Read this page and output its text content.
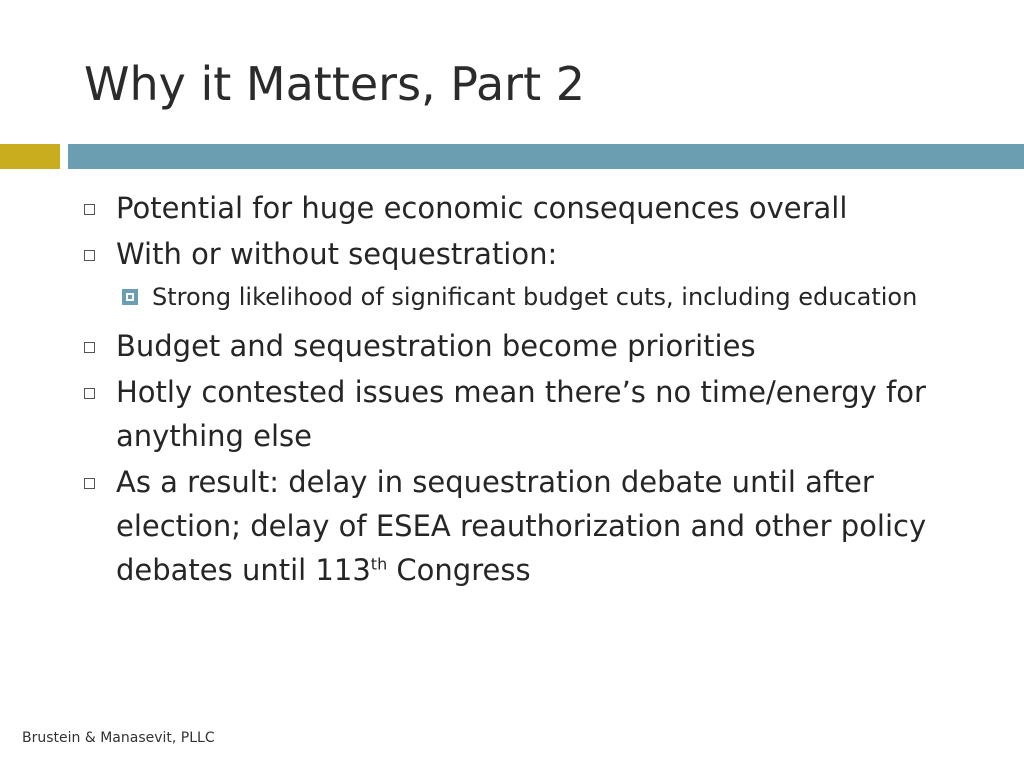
Why it Matters, Part 2
Potential for huge economic consequences overall
With or without sequestration:
Strong likelihood of significant budget cuts, including education
Budget and sequestration become priorities
Hotly contested issues mean there’s no time/energy for anything else
As a result: delay in sequestration debate until after election; delay of ESEA reauthorization and other policy debates until 113th Congress
Brustein & Manasevit, PLLC
